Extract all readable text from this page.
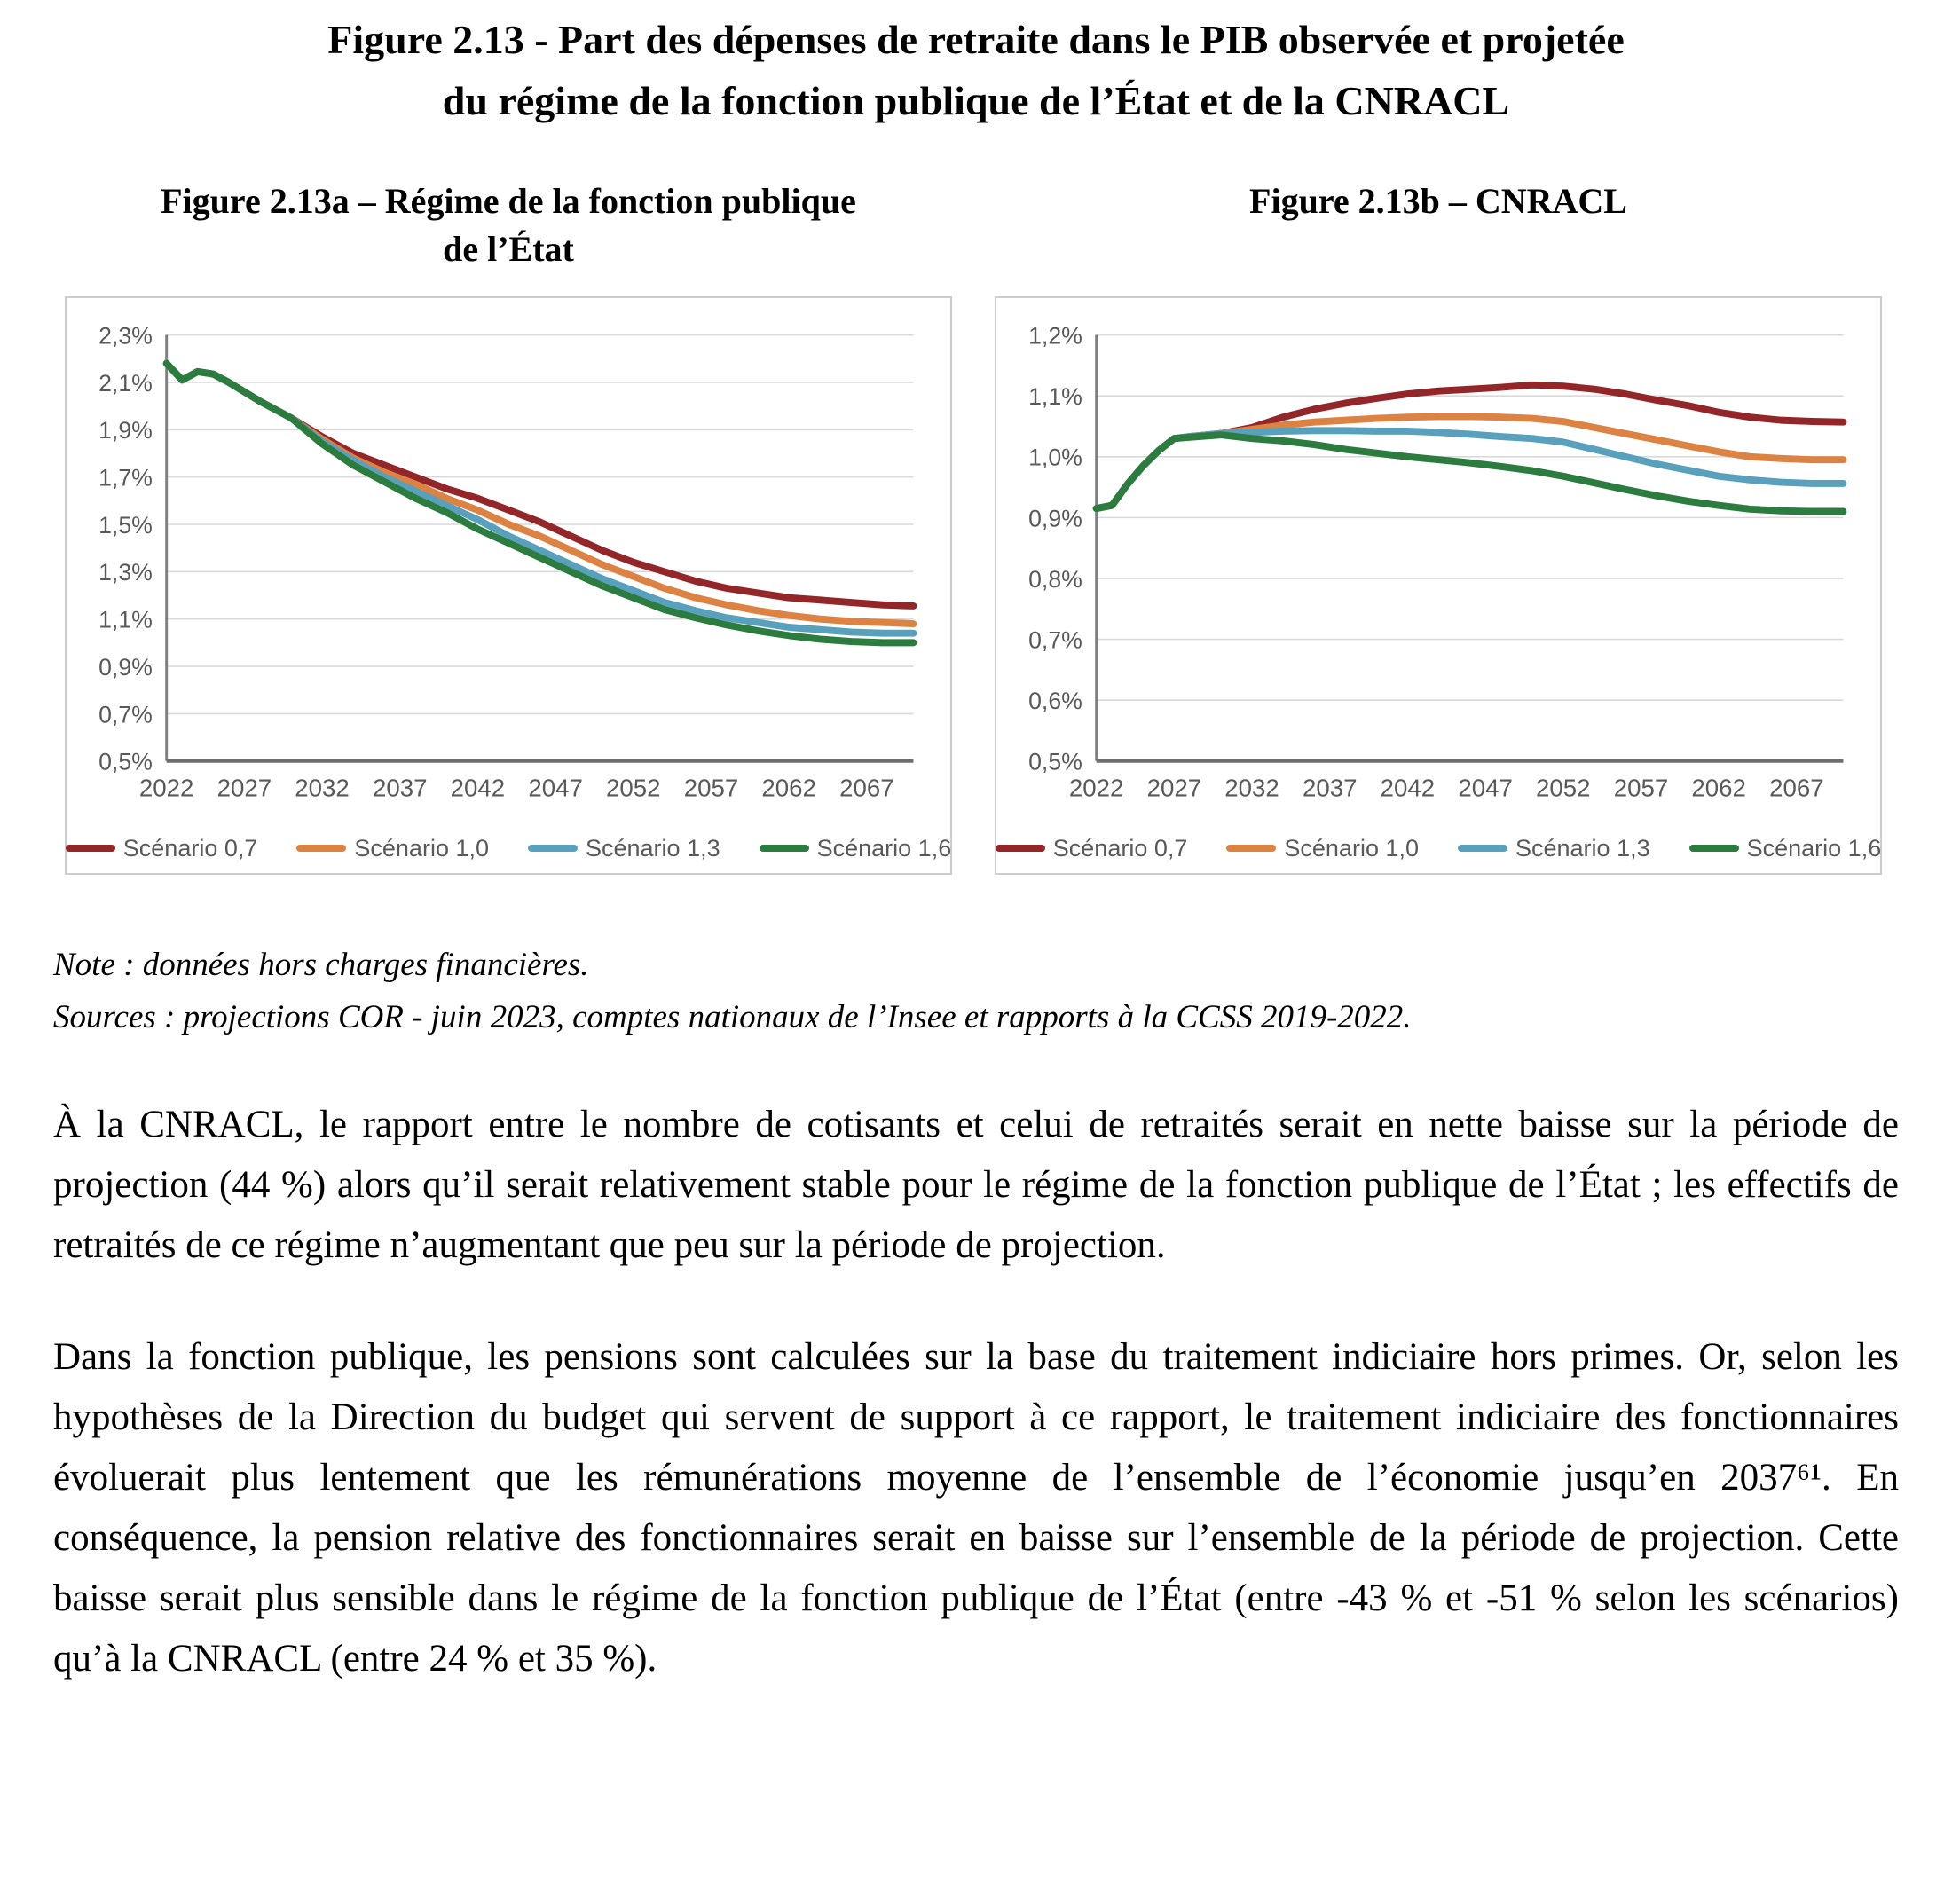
Figure 2.13 - Part des dépenses de retraite dans le PIB observée et projetée
du régime de la fonction publique de l’État et de la CNRACL
Figure 2.13a – Régime de la fonction publique
de l’État
Figure 2.13b – CNRACL
0,5%
0,7%
0,9%
1,1%
1,3%
1,5%
1,7%
1,9%
2,1%
2,3%
2022 2027 2032 2037 2042 2047 2052 2057 2062 2067
Scénario 0,7	Scénario 1,0	Scénario 1,3	Scénario 1,6
0,5%
0,6%
0,7%
0,8%
0,9%
1,0%
1,1%
1,2%
2022 2027 2032 2037 2042 2047 2052 2057 2062 2067
Scénario 0,7	Scénario 1,0	Scénario 1,3	Scénario 1,6
Note : données hors charges financières.
Sources : projections COR - juin 2023, comptes nationaux de l’Insee et rapports à la CCSS 2019-2022.

À la CNRACL, le rapport entre le nombre de cotisants et celui de retraités serait en nette baisse sur la période de projection (44 %) alors qu’il serait relativement stable pour le régime de la fonction publique de l’État ; les effectifs de retraités de ce régime n’augmentant que peu sur la période de projection.

Dans la fonction publique, les pensions sont calculées sur la base du traitement indiciaire hors primes. Or, selon les hypothèses de la Direction du budget qui servent de support à ce rapport, le traitement indiciaire des fonctionnaires évoluerait plus lentement que les rémunérations moyenne de l’ensemble de l’économie jusqu’en 2037⁶¹. En conséquence, la pension relative des fonctionnaires serait en baisse sur l’ensemble de la période de projection. Cette baisse serait plus sensible dans le régime de la fonction publique de l’État (entre -43 % et -51 % selon les scénarios) qu’à la CNRACL (entre 24 % et 35 %).
